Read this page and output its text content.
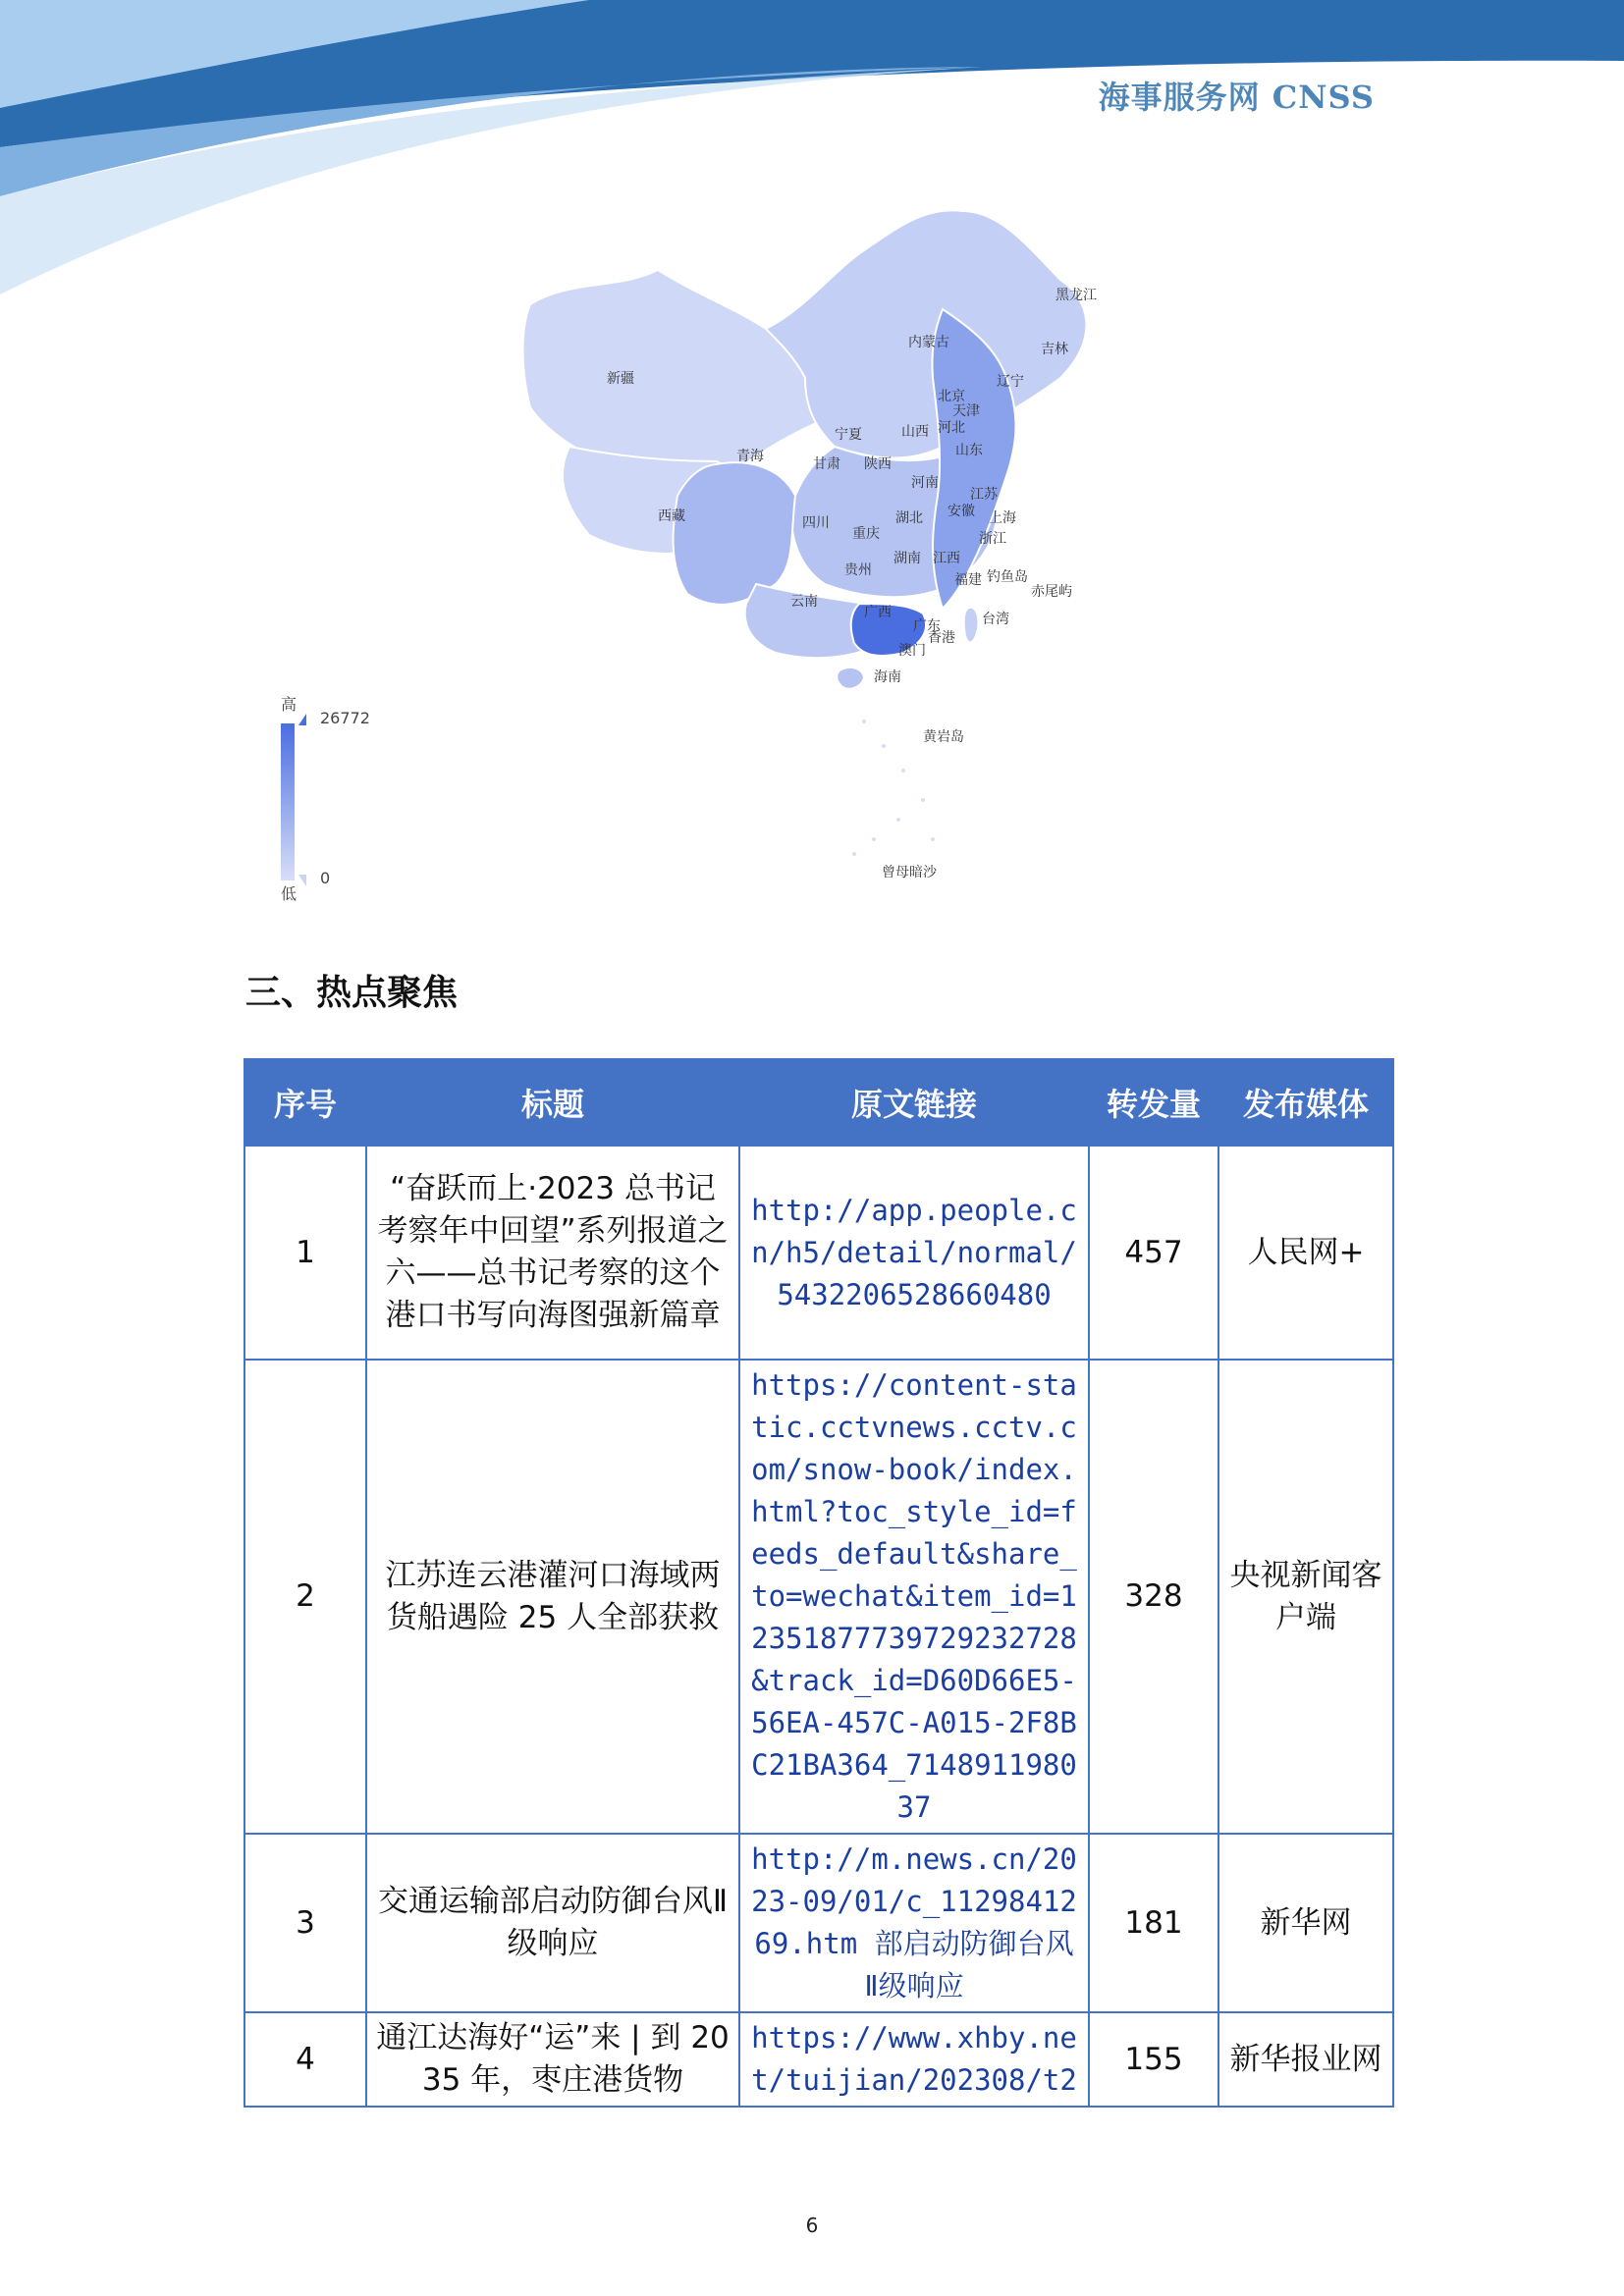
海事服务网 CNSS
黑龙江
内蒙古	吉林
辽宁
新疆
北京
天津
河北
山西
宁夏
青海	甘肃 陕西
山东
河南
江苏
西藏	四川
安徽
湖北	上海
重庆	浙江
湖南 江西
贵州
福建 钓鱼岛
赤尾屿
云南
广西
广东	台湾
香港
澳门
海南
黄岩岛
曾母暗沙
高
26772
0
低
三、热点聚焦
序号	标题	原文链接	转发量	发布媒体
1	“奋跃而上·2023 总书记考察年中回望”系列报道之六——总书记考察的这个港口书写向海图强新篇章	http://app.people.cn/h5/detail/normal/5432206528660480	457	人民网+
2	江苏连云港灌河口海域两货船遇险 25 人全部获救	https://content-static.cctvnews.cctv.com/snow-book/index.html?toc_style_id=feeds_default&share_to=wechat&item_id=12351877739729232728&track_id=D60D66E5-56EA-457C-A015-2F8BC21BA364_714891198037	328	央视新闻客户端
3	交通运输部启动防御台风Ⅱ级响应	http://m.news.cn/2023-09/01/c_1129841269.htm 部启动防御台风Ⅱ级响应	181	新华网
4	通江达海好“运”来 | 到 2035 年，枣庄港货物	https://www.xhby.net/tuijian/202308/t2	155	新华报业网
6
